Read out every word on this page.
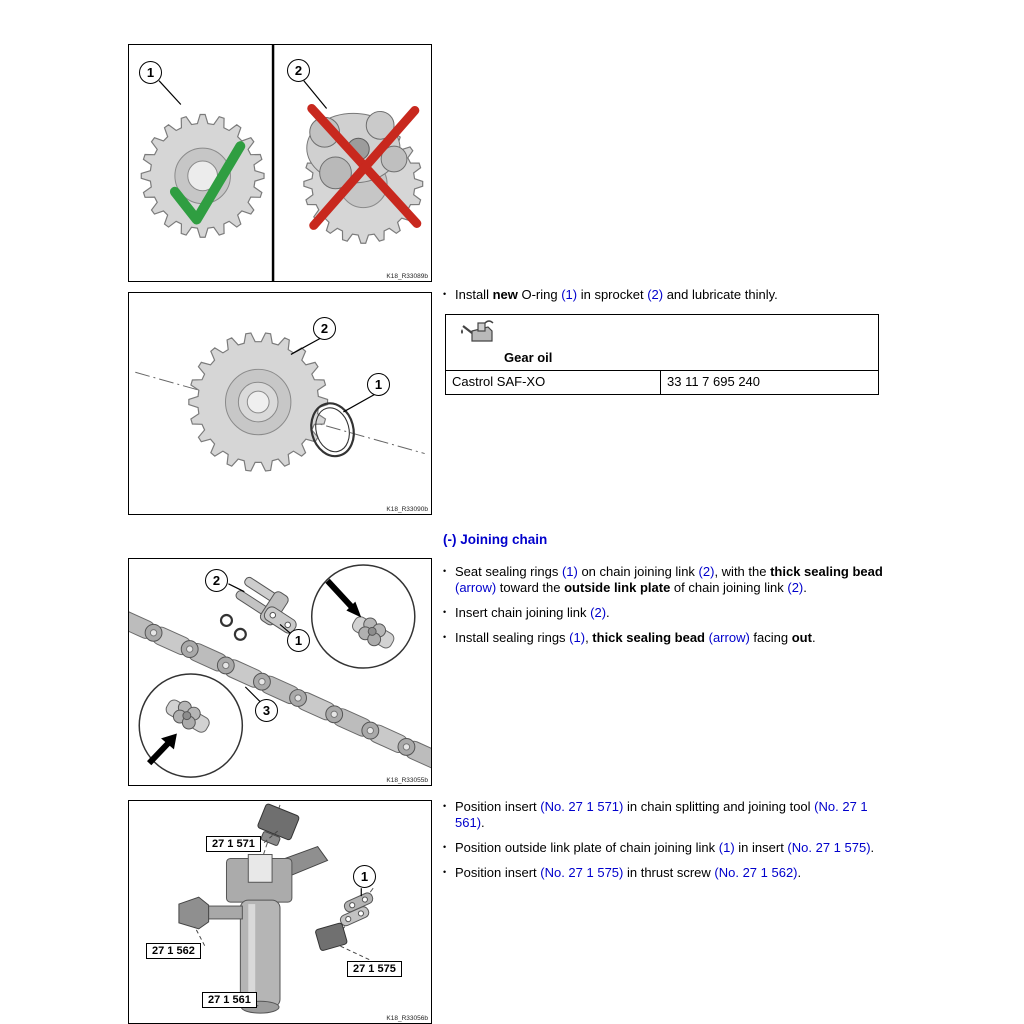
1	2
K18_R33089b
2
1
K18_R33090b
2
1
3
K18_R33055b
27 1 571
27 1 562
27 1 575
27 1 561
1
K18_R33056b
• Install new O-ring (1) in sprocket (2) and lubricate thinly.
Gear oil
Castrol SAF-XO	33 11 7 695 240
(-) Joining chain
• Seat sealing rings (1) on chain joining link (2), with the thick sealing bead (arrow) toward the outside link plate of chain joining link (2).
• Insert chain joining link (2).
• Install sealing rings (1), thick sealing bead (arrow) facing out.
• Position insert (No. 27 1 571) in chain splitting and joining tool (No. 27 1 561).
• Position outside link plate of chain joining link (1) in insert (No. 27 1 575).
• Position insert (No. 27 1 575) in thrust screw (No. 27 1 562).
